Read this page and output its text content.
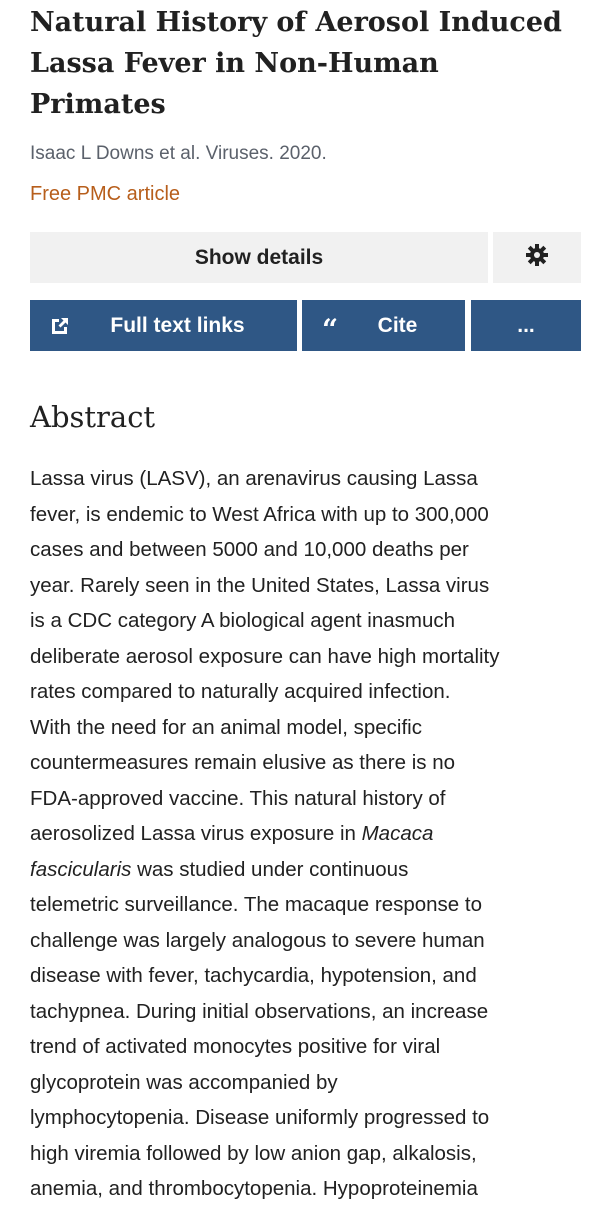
Natural History of Aerosol Induced
Lassa Fever in Non-Human
Primates
Isaac L Downs et al. Viruses. 2020.
Free PMC article
Show details
Full text links	“ Cite	...
Abstract
Lassa virus (LASV), an arenavirus causing Lassa
fever, is endemic to West Africa with up to 300,000
cases and between 5000 and 10,000 deaths per
year. Rarely seen in the United States, Lassa virus
is a CDC category A biological agent inasmuch
deliberate aerosol exposure can have high mortality
rates compared to naturally acquired infection.
With the need for an animal model, specific
countermeasures remain elusive as there is no
FDA-approved vaccine. This natural history of
aerosolized Lassa virus exposure in Macaca
fascicularis was studied under continuous
telemetric surveillance. The macaque response to
challenge was largely analogous to severe human
disease with fever, tachycardia, hypotension, and
tachypnea. During initial observations, an increase
trend of activated monocytes positive for viral
glycoprotein was accompanied by
lymphocytopenia. Disease uniformly progressed to
high viremia followed by low anion gap, alkalosis,
anemia, and thrombocytopenia. Hypoproteinemia
